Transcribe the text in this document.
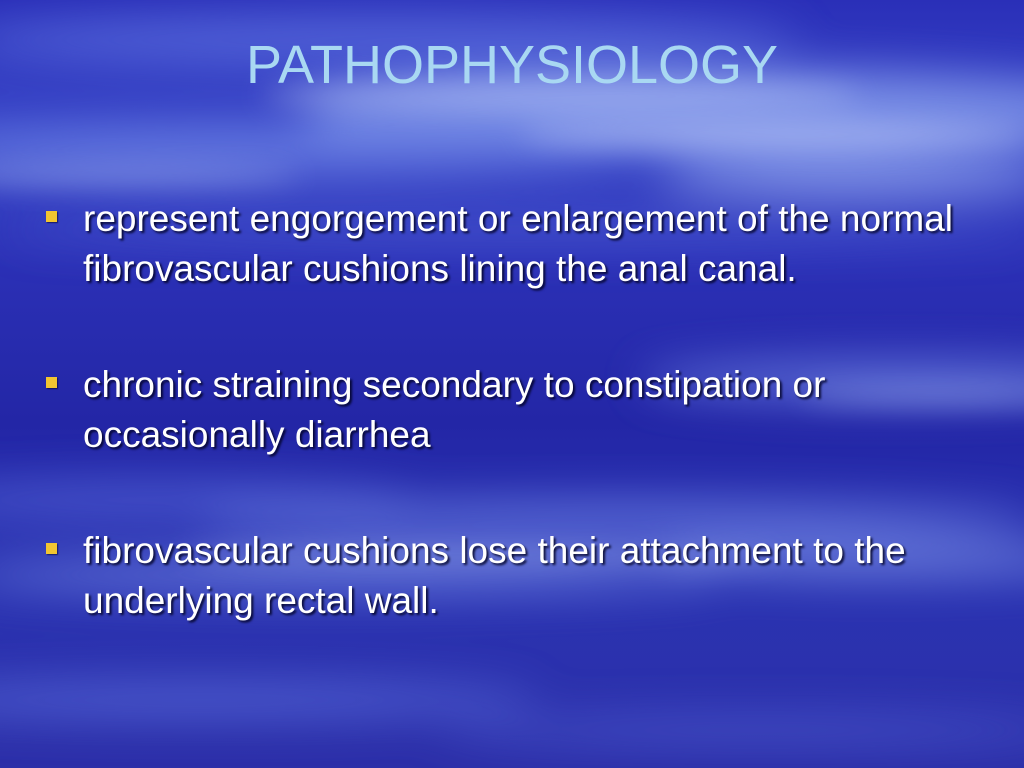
PATHOPHYSIOLOGY
represent engorgement or enlargement of the normal fibrovascular cushions lining the anal canal.
chronic straining secondary to constipation or occasionally diarrhea
fibrovascular cushions lose their attachment to the underlying rectal wall.
